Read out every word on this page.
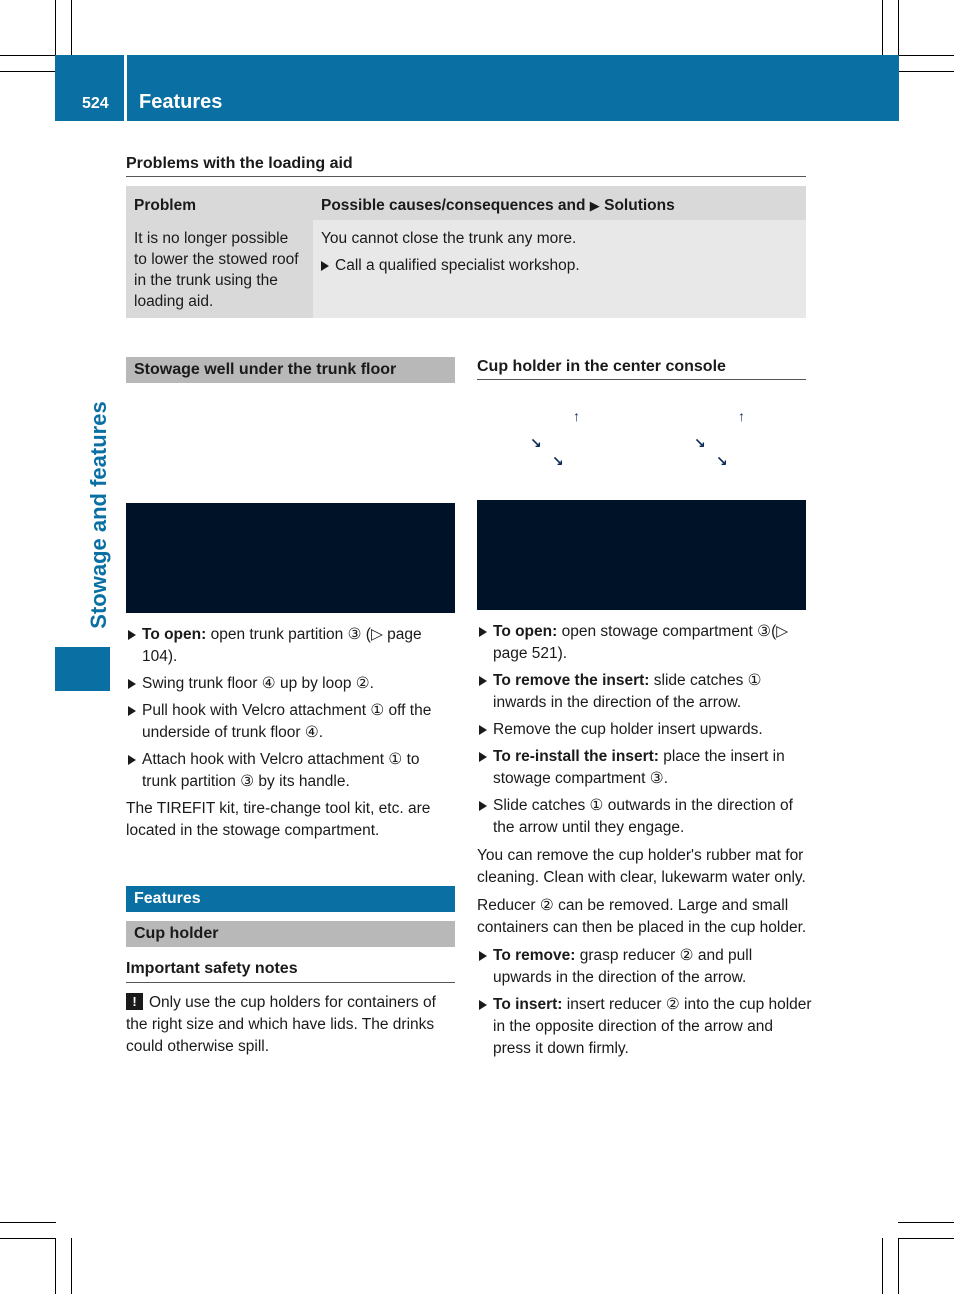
524 Features
Stowage and features
Problems with the loading aid
Problem	Possible causes/consequences and ▶ Solutions
It is no longer possible to lower the stowed roof in the trunk using the loading aid.

You cannot close the trunk any more.

Call a qualified specialist workshop.

Stowage well under the trunk floor
To open: open trunk partition ③ (▷ page 104).
Swing trunk floor ④ up by loop ②.
Pull hook with Velcro attachment ① off the underside of trunk floor ④.
Attach hook with Velcro attachment ① to trunk partition ③ by its handle.
The TIREFIT kit, tire-change tool kit, etc. are located in the stowage compartment.
Features
Cup holder
Important safety notes
! Only use the cup holders for containers of the right size and which have lids. The drinks could otherwise spill.
Cup holder in the center console
↑
↘
↘
↑
↘
↘
To open: open stowage compartment ③(▷ page 521).
To remove the insert: slide catches ① inwards in the direction of the arrow.
Remove the cup holder insert upwards.
To re-install the insert: place the insert in stowage compartment ③.
Slide catches ① outwards in the direction of the arrow until they engage.
You can remove the cup holder's rubber mat for cleaning. Clean with clear, lukewarm water only.
Reducer ② can be removed. Large and small containers can then be placed in the cup holder.
To remove: grasp reducer ② and pull upwards in the direction of the arrow.
To insert: insert reducer ② into the cup holder in the opposite direction of the arrow and press it down firmly.
